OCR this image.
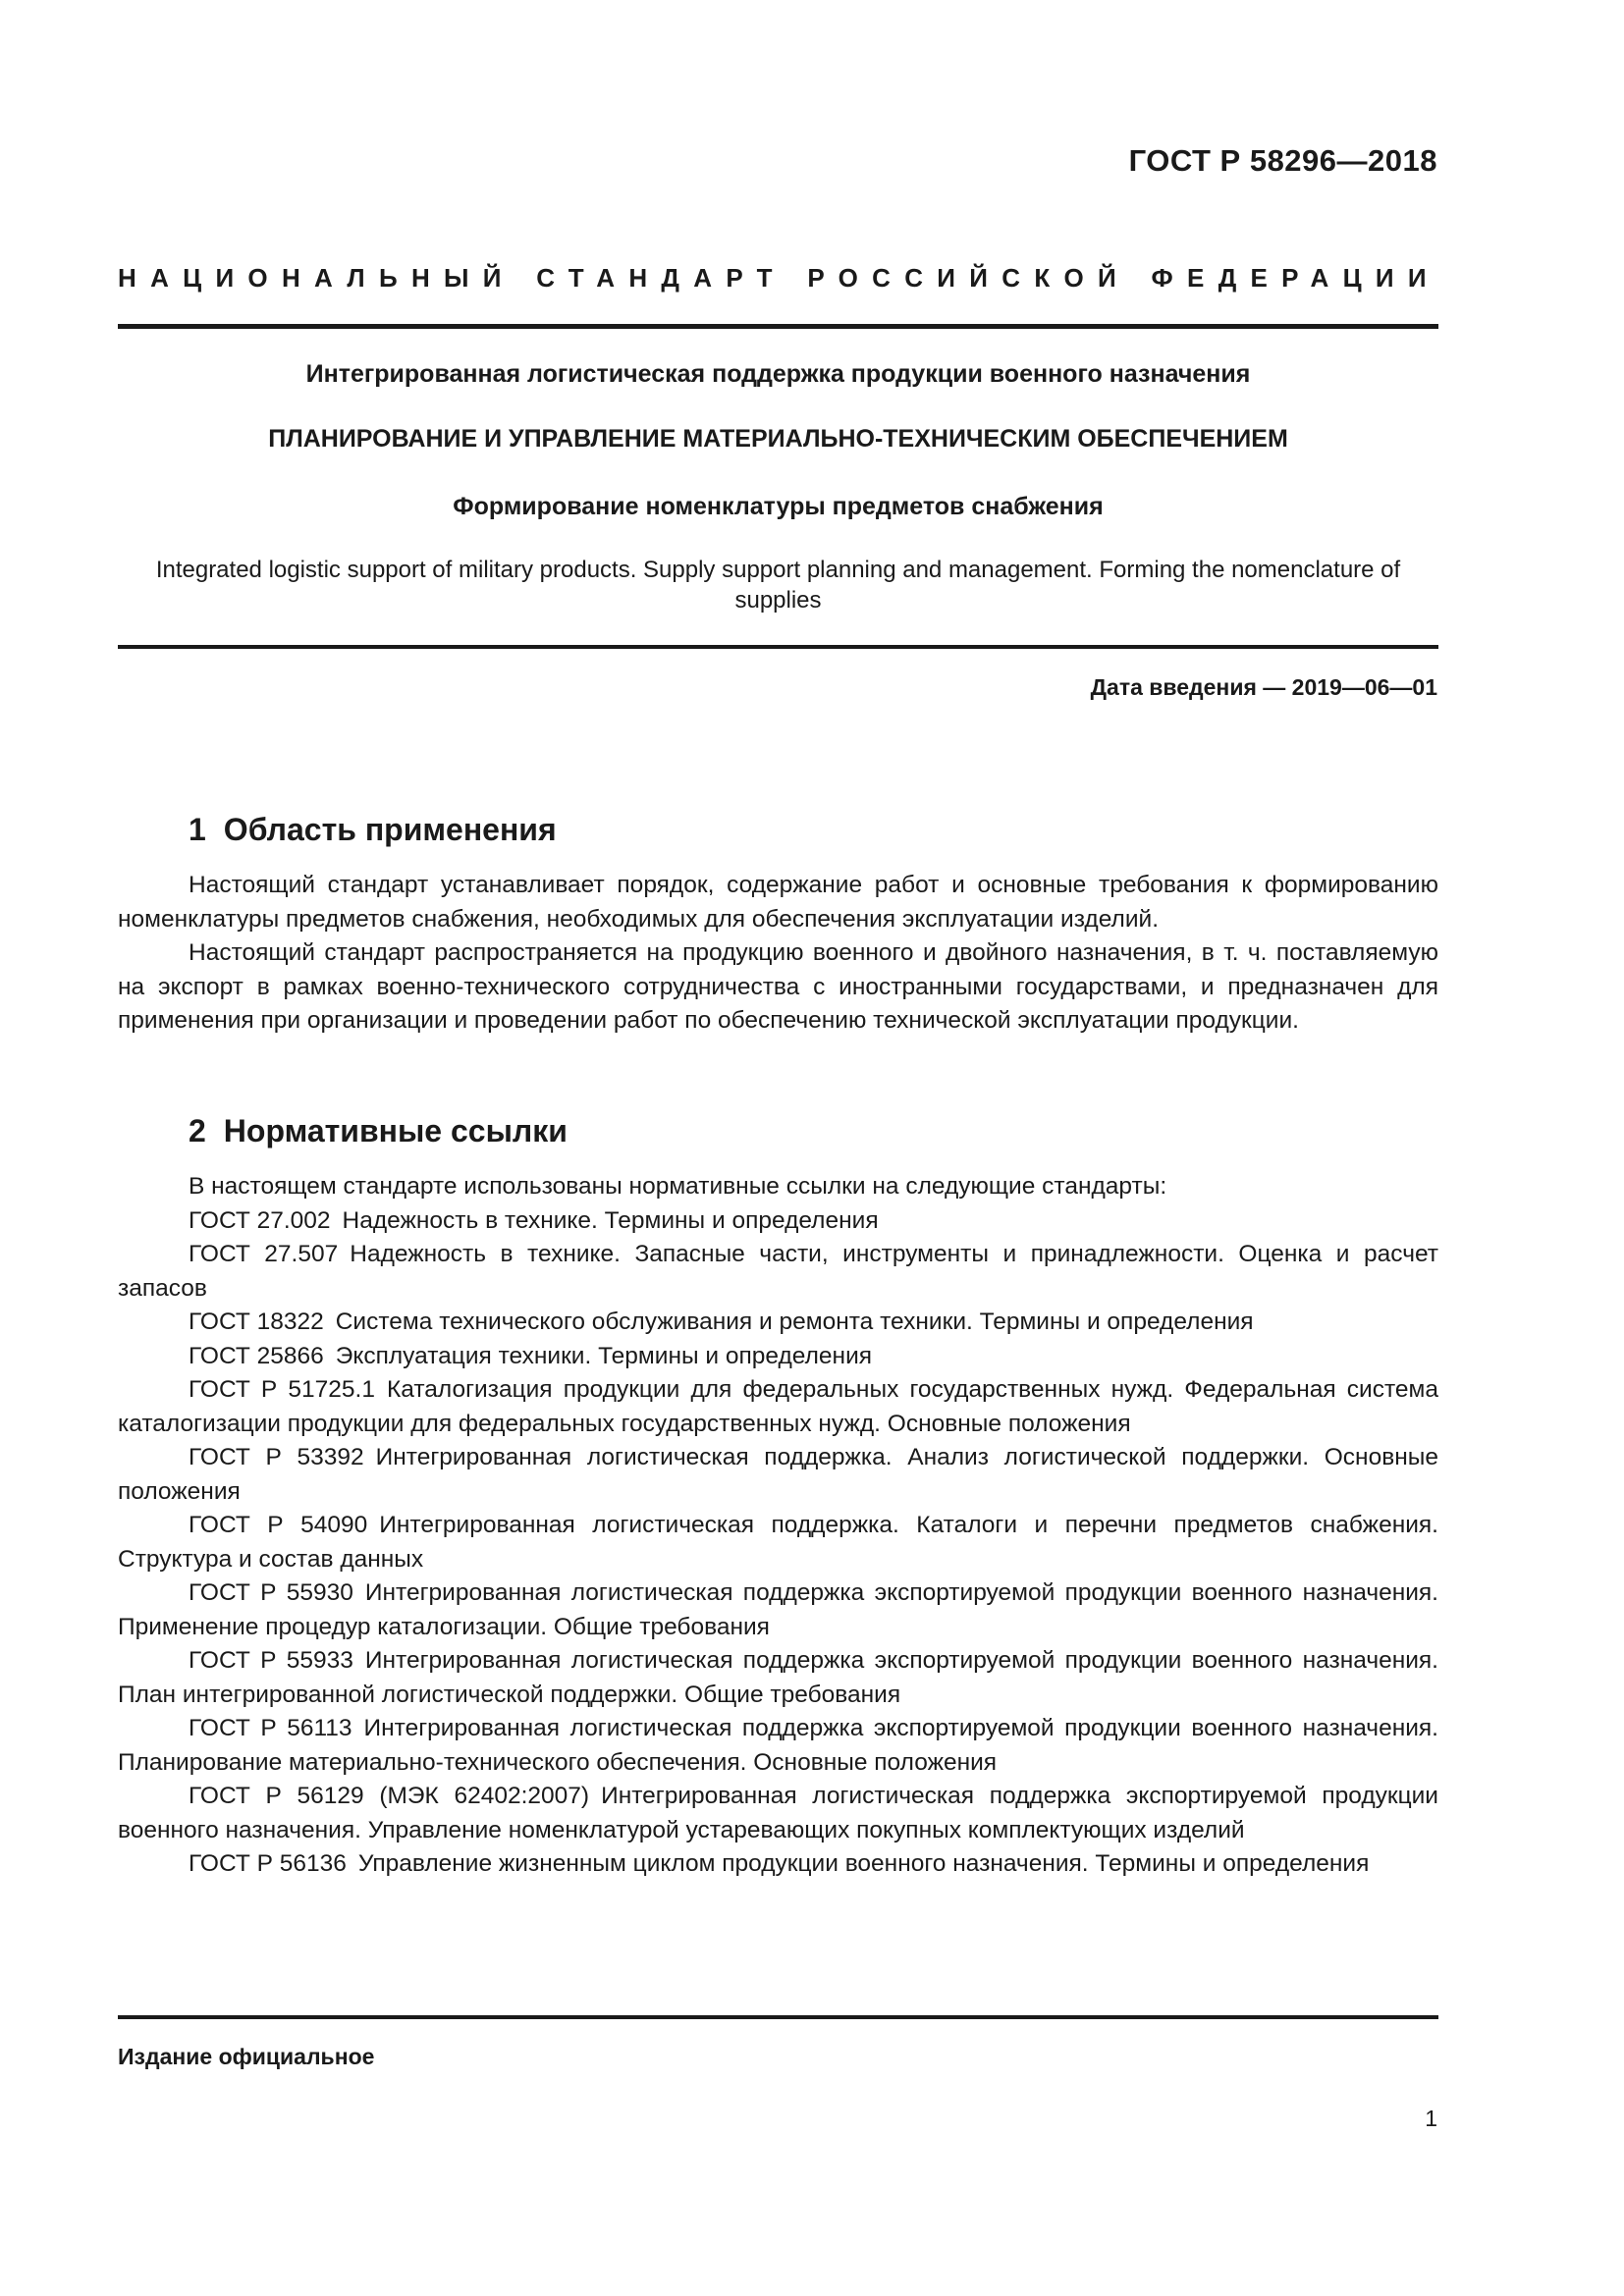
ГОСТ Р 58296—2018
НАЦИОНАЛЬНЫЙ СТАНДАРТ РОССИЙСКОЙ ФЕДЕРАЦИИ
Интегрированная логистическая поддержка продукции военного назначения
ПЛАНИРОВАНИЕ И УПРАВЛЕНИЕ МАТЕРИАЛЬНО-ТЕХНИЧЕСКИМ ОБЕСПЕЧЕНИЕМ
Формирование номенклатуры предметов снабжения
Integrated logistic support of military products. Supply support planning and management. Forming the nomenclature of supplies
Дата введения — 2019—06—01
1 Область применения

Настоящий стандарт устанавливает порядок, содержание работ и основные требования к формированию номенклатуры предметов снабжения, необходимых для обеспечения эксплуатации изделий.

Настоящий стандарт распространяется на продукцию военного и двойного назначения, в т. ч. поставляемую на экспорт в рамках военно-технического сотрудничества с иностранными государствами, и предназначен для применения при организации и проведении работ по обеспечению технической эксплуатации продукции.

2 Нормативные ссылки

В настоящем стандарте использованы нормативные ссылки на следующие стандарты:

ГОСТ 27.002 Надежность в технике. Термины и определения
ГОСТ 27.507 Надежность в технике. Запасные части, инструменты и принадлежности. Оценка и расчет запасов
ГОСТ 18322 Система технического обслуживания и ремонта техники. Термины и определения
ГОСТ 25866 Эксплуатация техники. Термины и определения
ГОСТ Р 51725.1 Каталогизация продукции для федеральных государственных нужд. Федеральная система каталогизации продукции для федеральных государственных нужд. Основные положения
ГОСТ Р 53392 Интегрированная логистическая поддержка. Анализ логистической поддержки. Основные положения
ГОСТ Р 54090 Интегрированная логистическая поддержка. Каталоги и перечни предметов снабжения. Структура и состав данных
ГОСТ Р 55930 Интегрированная логистическая поддержка экспортируемой продукции военного назначения. Применение процедур каталогизации. Общие требования
ГОСТ Р 55933 Интегрированная логистическая поддержка экспортируемой продукции военного назначения. План интегрированной логистической поддержки. Общие требования
ГОСТ Р 56113 Интегрированная логистическая поддержка экспортируемой продукции военного назначения. Планирование материально-технического обеспечения. Основные положения
ГОСТ Р 56129 (МЭК 62402:2007) Интегрированная логистическая поддержка экспортируемой продукции военного назначения. Управление номенклатурой устаревающих покупных комплектующих изделий
ГОСТ Р 56136 Управление жизненным циклом продукции военного назначения. Термины и определения
Издание официальное
1
